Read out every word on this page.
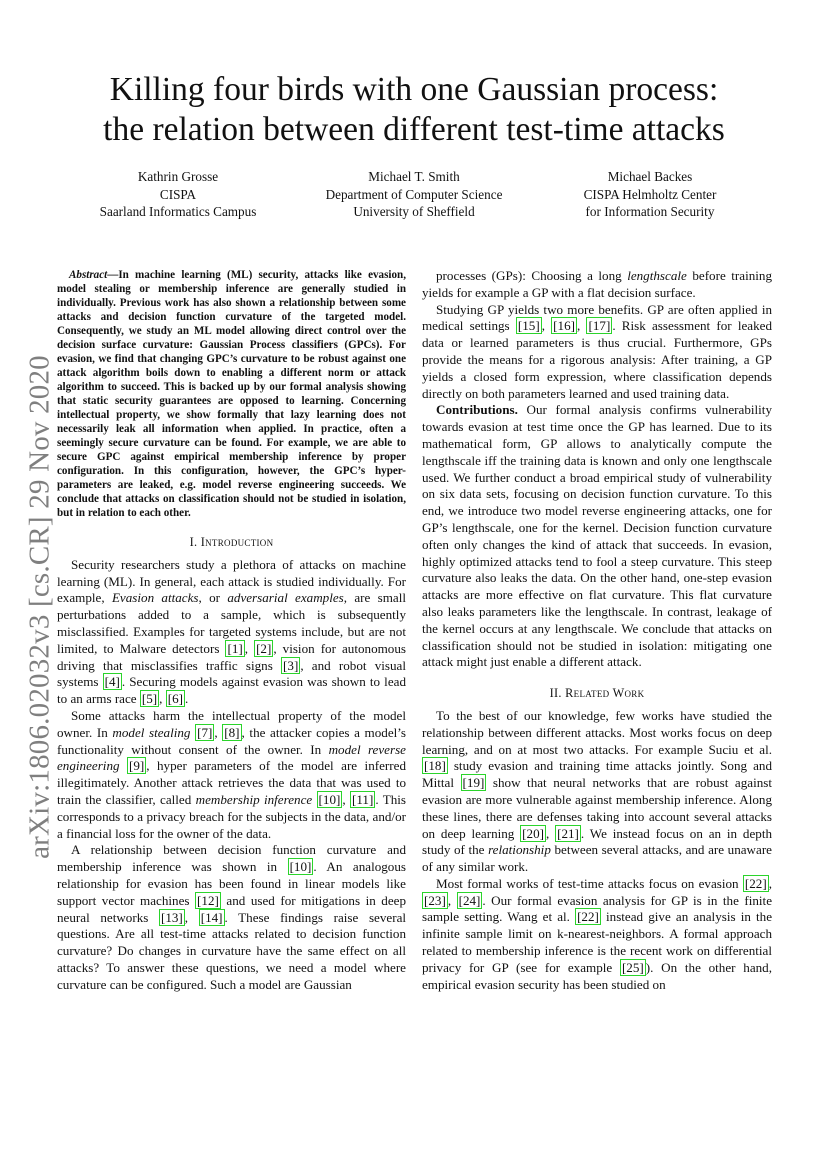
Killing four birds with one Gaussian process:
the relation between different test-time attacks
Kathrin Grosse
CISPA
Saarland Informatics Campus
Michael T. Smith
Department of Computer Science
University of Sheffield
Michael Backes
CISPA Helmholtz Center
for Information Security
arXiv:1806.02032v3 [cs.CR] 29 Nov 2020

Abstract—In machine learning (ML) security, attacks like evasion, model stealing or membership inference are generally studied in individually. Previous work has also shown a relationship between some attacks and decision function curvature of the targeted model. Consequently, we study an ML model allowing direct control over the decision surface curvature: Gaussian Process classifiers (GPCs). For evasion, we find that changing GPC’s curvature to be robust against one attack algorithm boils down to enabling a different norm or attack algorithm to succeed. This is backed up by our formal analysis showing that static security guarantees are opposed to learning. Concerning intellectual property, we show formally that lazy learning does not necessarily leak all information when applied. In practice, often a seemingly secure curvature can be found. For example, we are able to secure GPC against empirical membership inference by proper configuration. In this configuration, however, the GPC’s hyper-parameters are leaked, e.g. model reverse engineering succeeds. We conclude that attacks on classification should not be studied in isolation, but in relation to each other.

I. Introduction

Security researchers study a plethora of attacks on machine learning (ML). In general, each attack is studied individually. For example, Evasion attacks, or adversarial examples, are small perturbations added to a sample, which is subsequently misclassified. Examples for targeted systems include, but are not limited, to Malware detectors [1] , [2] , vision for autonomous driving that misclassifies traffic signs [3] , and robot visual systems [4] . Securing models against evasion was shown to lead to an arms race [5] , [6] .

Some attacks harm the intellectual property of the model owner. In model stealing [7] , [8] , the attacker copies a model’s functionality without consent of the owner. In model reverse engineering [9] , hyper parameters of the model are inferred illegitimately. Another attack retrieves the data that was used to train the classifier, called membership inference [10] , [11] . This corresponds to a privacy breach for the subjects in the data, and/or a financial loss for the owner of the data.

A relationship between decision function curvature and membership inference was shown in [10] . An analogous relationship for evasion has been found in linear models like support vector machines [12] and used for mitigations in deep neural networks [13] , [14] . These findings raise several questions. Are all test-time attacks related to decision function curvature? Do changes in curvature have the same effect on all attacks? To answer these questions, we need a model where curvature can be configured. Such a model are Gaussian

processes (GPs): Choosing a long lengthscale before training yields for example a GP with a flat decision surface.

Studying GP yields two more benefits. GP are often applied in medical settings [15] , [16] , [17] . Risk assessment for leaked data or learned parameters is thus crucial. Furthermore, GPs provide the means for a rigorous analysis: After training, a GP yields a closed form expression, where classification depends directly on both parameters learned and used training data.

Contributions. Our formal analysis confirms vulnerability towards evasion at test time once the GP has learned. Due to its mathematical form, GP allows to analytically compute the lengthscale iff the training data is known and only one lengthscale used. We further conduct a broad empirical study of vulnerability on six data sets, focusing on decision function curvature. To this end, we introduce two model reverse engineering attacks, one for GP’s lengthscale, one for the kernel. Decision function curvature often only changes the kind of attack that succeeds. In evasion, highly optimized attacks tend to fool a steep curvature. This steep curvature also leaks the data. On the other hand, one-step evasion attacks are more effective on flat curvature. This flat curvature also leaks parameters like the lengthscale. In contrast, leakage of the kernel occurs at any lengthscale. We conclude that attacks on classification should not be studied in isolation: mitigating one attack might just enable a different attack.

II. Related Work

To the best of our knowledge, few works have studied the relationship between different attacks. Most works focus on deep learning, and on at most two attacks. For example Suciu et al. [18] study evasion and training time attacks jointly. Song and Mittal [19] show that neural networks that are robust against evasion are more vulnerable against membership inference. Along these lines, there are defenses taking into account several attacks on deep learning [20] , [21] . We instead focus on an in depth study of the relationship between several attacks, and are unaware of any similar work.

Most formal works of test-time attacks focus on evasion [22] , [23] , [24] . Our formal evasion analysis for GP is in the finite sample setting. Wang et al. [22] instead give an analysis in the infinite sample limit on k-nearest-neighbors. A formal approach related to membership inference is the recent work on differential privacy for GP (see for example [25] ). On the other hand, empirical evasion security has been studied on
